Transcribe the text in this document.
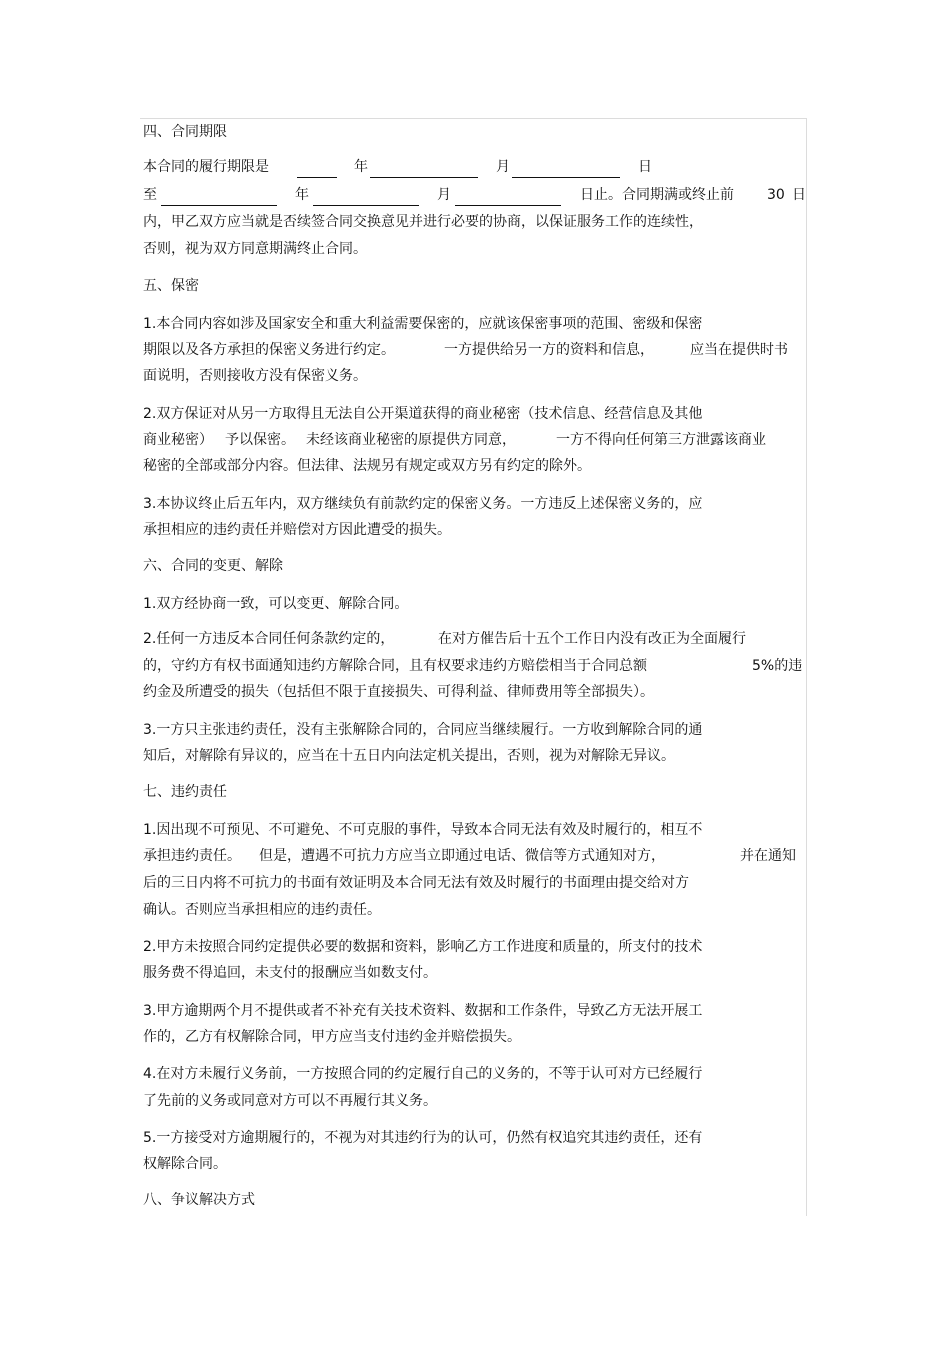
四、合同期限
本合同的履行期限是	年	月	日
至	年	月	日止。合同期满或终止前 30 日
内，甲乙双方应当就是否续签合同交换意见并进行必要的协商，以保证服务工作的连续性，
否则，视为双方同意期满终止合同。
五、保密
1.本合同内容如涉及国家安全和重大利益需要保密的，应就该保密事项的范围、密级和保密
期限以及各方承担的保密义务进行约定。	一方提供给另一方的资料和信息，	应当在提供时书
面说明，否则接收方没有保密义务。
2.双方保证对从另一方取得且无法自公开渠道获得的商业秘密（技术信息、经营信息及其他
商业秘密） 予以保密。 未经该商业秘密的原提供方同意，	一方不得向任何第三方泄露该商业
秘密的全部或部分内容。但法律、法规另有规定或双方另有约定的除外。
3.本协议终止后五年内，双方继续负有前款约定的保密义务。一方违反上述保密义务的，应
承担相应的违约责任并赔偿对方因此遭受的损失。
六、合同的变更、解除
1.双方经协商一致，可以变更、解除合同。
2.任何一方违反本合同任何条款约定的，	在对方催告后十五个工作日内没有改正为全面履行
的，守约方有权书面通知违约方解除合同，且有权要求违约方赔偿相当于合同总额	5%的违
约金及所遭受的损失（包括但不限于直接损失、可得利益、律师费用等全部损失）。
3.一方只主张违约责任，没有主张解除合同的，合同应当继续履行。一方收到解除合同的通
知后，对解除有异议的，应当在十五日内向法定机关提出，否则，视为对解除无异议。
七、违约责任
1.因出现不可预见、不可避免、不可克服的事件，导致本合同无法有效及时履行的，相互不
承担违约责任。 但是，遭遇不可抗力方应当立即通过电话、微信等方式通知对方，	并在通知
后的三日内将不可抗力的书面有效证明及本合同无法有效及时履行的书面理由提交给对方
确认。否则应当承担相应的违约责任。
2.甲方未按照合同约定提供必要的数据和资料，影响乙方工作进度和质量的，所支付的技术
服务费不得追回，未支付的报酬应当如数支付。
3.甲方逾期两个月不提供或者不补充有关技术资料、数据和工作条件，导致乙方无法开展工
作的，乙方有权解除合同，甲方应当支付违约金并赔偿损失。
4.在对方未履行义务前，一方按照合同的约定履行自己的义务的，不等于认可对方已经履行
了先前的义务或同意对方可以不再履行其义务。
5.一方接受对方逾期履行的，不视为对其违约行为的认可，仍然有权追究其违约责任，还有
权解除合同。
八、争议解决方式
